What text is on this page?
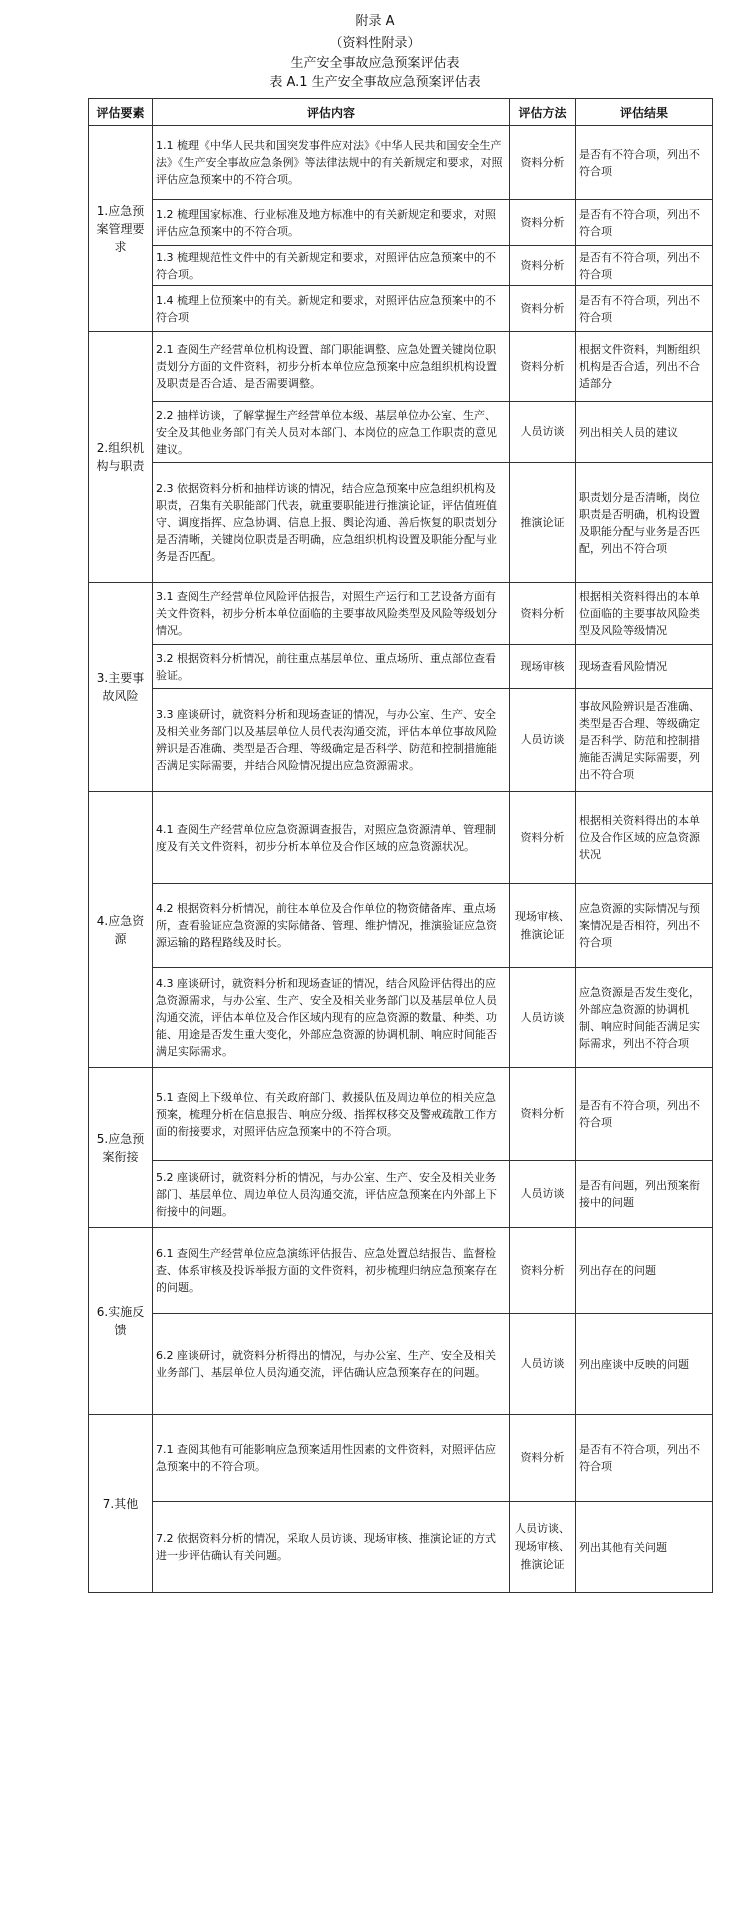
附录 A
（资料性附录）
生产安全事故应急预案评估表
表 A.1 生产安全事故应急预案评估表
评估要素	评估内容	评估方法	评估结果
1.应急预案管理要求	1.1 梳理《中华人民共和国突发事件应对法》《中华人民共和国安全生产法》《生产安全事故应急条例》等法律法规中的有关新规定和要求，对照评估应急预案中的不符合项。	资料分析	是否有不符合项，列出不符合项
	1.2 梳理国家标准、行业标准及地方标准中的有关新规定和要求，对照评估应急预案中的不符合项。	资料分析	是否有不符合项，列出不符合项
	1.3 梳理规范性文件中的有关新规定和要求，对照评估应急预案中的不符合项。	资料分析	是否有不符合项，列出不符合项
	1.4 梳理上位预案中的有关。新规定和要求，对照评估应急预案中的不符合项	资料分析	是否有不符合项，列出不符合项
2.组织机构与职责	2.1 查阅生产经营单位机构设置、部门职能调整、应急处置关键岗位职责划分方面的文件资料，初步分析本单位应急预案中应急组织机构设置及职责是否合适、是否需要调整。	资料分析	根据文件资料，判断组织机构是否合适，列出不合适部分
	2.2 抽样访谈，了解掌握生产经营单位本级、基层单位办公室、生产、安全及其他业务部门有关人员对本部门、本岗位的应急工作职责的意见建议。	人员访谈	列出相关人员的建议
	2.3 依据资料分析和抽样访谈的情况，结合应急预案中应急组织机构及职责，召集有关职能部门代表，就重要职能进行推演论证，评估值班值守、调度指挥、应急协调、信息上报、舆论沟通、善后恢复的职责划分是否清晰，关键岗位职责是否明确，应急组织机构设置及职能分配与业务是否匹配。	推演论证	职责划分是否清晰，岗位职责是否明确，机构设置及职能分配与业务是否匹配，列出不符合项
3.主要事故风险	3.1 查阅生产经营单位风险评估报告，对照生产运行和工艺设备方面有关文件资料，初步分析本单位面临的主要事故风险类型及风险等级划分情况。	资料分析	根据相关资料得出的本单位面临的主要事故风险类型及风险等级情况
	3.2 根据资料分析情况，前往重点基层单位、重点场所、重点部位查看验证。	现场审核	现场查看风险情况
	3.3 座谈研讨，就资料分析和现场查证的情况，与办公室、生产、安全及相关业务部门以及基层单位人员代表沟通交流，评估本单位事故风险辨识是否准确、类型是否合理、等级确定是否科学、防范和控制措施能否满足实际需要，并结合风险情况提出应急资源需求。	人员访谈	事故风险辨识是否准确、类型是否合理、等级确定是否科学、防范和控制措施能否满足实际需要，列出不符合项
4.应急资源	4.1 查阅生产经营单位应急资源调查报告，对照应急资源清单、管理制度及有关文件资料，初步分析本单位及合作区域的应急资源状况。	资料分析	根据相关资料得出的本单位及合作区域的应急资源状况
	4.2 根据资料分析情况，前往本单位及合作单位的物资储备库、重点场所，查看验证应急资源的实际储备、管理、维护情况，推演验证应急资源运输的路程路线及时长。	现场审核、推演论证	应急资源的实际情况与预案情况是否相符，列出不符合项
	4.3 座谈研讨，就资料分析和现场查证的情况，结合风险评估得出的应急资源需求，与办公室、生产、安全及相关业务部门以及基层单位人员沟通交流，评估本单位及合作区域内现有的应急资源的数量、种类、功能、用途是否发生重大变化，外部应急资源的协调机制、响应时间能否满足实际需求。	人员访谈	应急资源是否发生变化，外部应急资源的协调机制、响应时间能否满足实际需求，列出不符合项
5.应急预案衔接	5.1 查阅上下级单位、有关政府部门、救援队伍及周边单位的相关应急预案，梳理分析在信息报告、响应分级、指挥权移交及警戒疏散工作方面的衔接要求，对照评估应急预案中的不符合项。	资料分析	是否有不符合项，列出不符合项
	5.2 座谈研讨，就资料分析的情况，与办公室、生产、安全及相关业务部门、基层单位、周边单位人员沟通交流，评估应急预案在内外部上下衔接中的问题。	人员访谈	是否有问题，列出预案衔接中的问题
6.实施反馈	6.1 查阅生产经营单位应急演练评估报告、应急处置总结报告、监督检查、体系审核及投诉举报方面的文件资料，初步梳理归纳应急预案存在的问题。	资料分析	列出存在的问题
	6.2 座谈研讨，就资料分析得出的情况，与办公室、生产、安全及相关业务部门、基层单位人员沟通交流，评估确认应急预案存在的问题。	人员访谈	列出座谈中反映的问题
7.其他	7.1 查阅其他有可能影响应急预案适用性因素的文件资料，对照评估应急预案中的不符合项。	资料分析	是否有不符合项，列出不符合项
	7.2 依据资料分析的情况，采取人员访谈、现场审核、推演论证的方式进一步评估确认有关问题。	人员访谈、现场审核、推演论证	列出其他有关问题
